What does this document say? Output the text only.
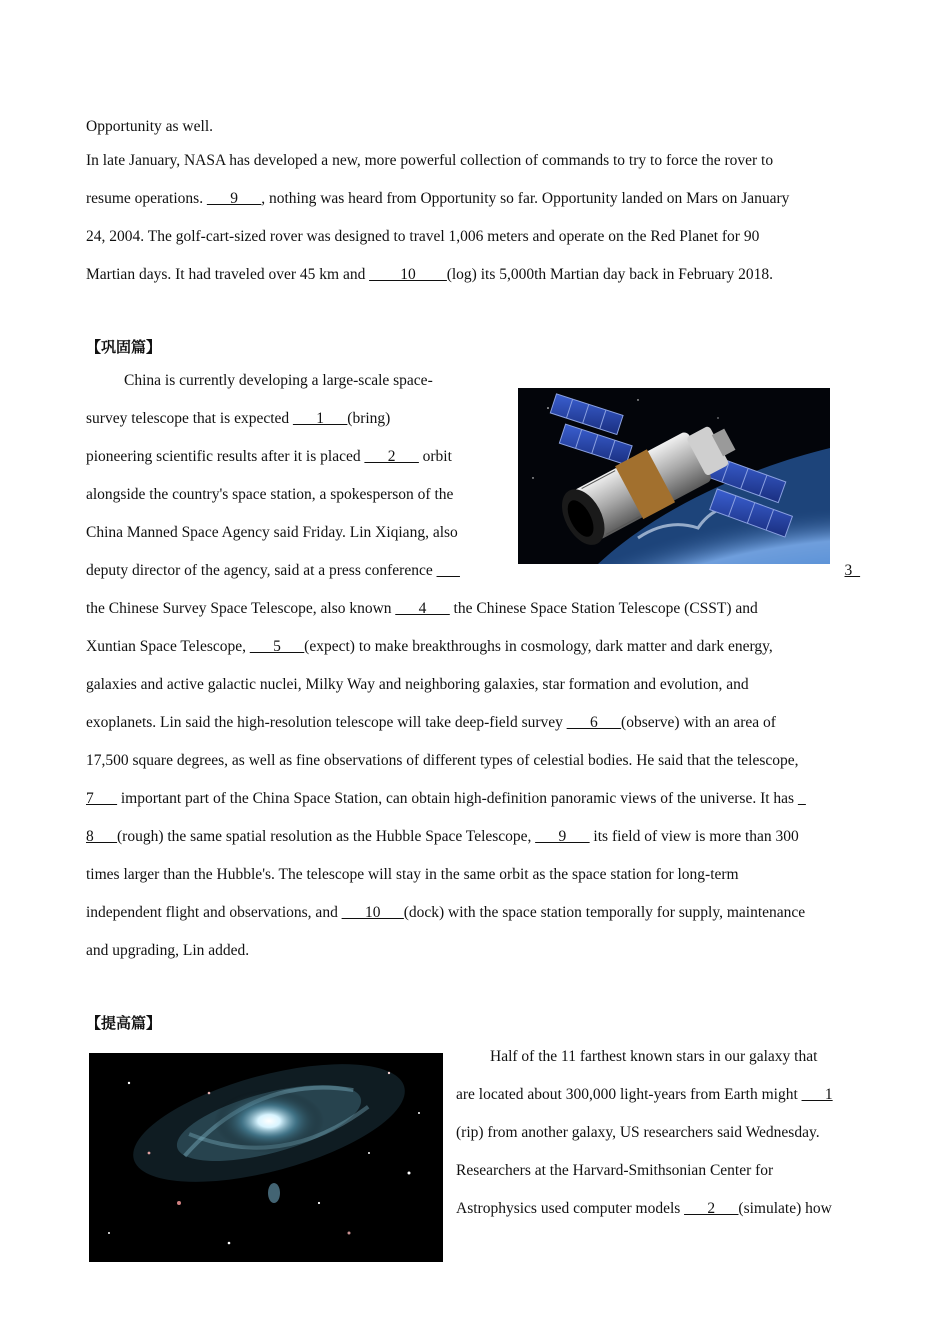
Opportunity as well.
In late January, NASA has developed a new, more powerful collection of commands to try to force the rover to
resume operations. ___9___, nothing was heard from Opportunity so far. Opportunity landed on Mars on January
24, 2004. The golf-cart-sized rover was designed to travel 1,006 meters and operate on the Red Planet for 90
Martian days. It had traveled over 45 km and ____10____(log) its 5,000th Martian day back in February 2018.
【巩固篇】
China is currently developing a large-scale space-
survey telescope that is expected ___1___(bring)
pioneering scientific results after it is placed ___2___ orbit
alongside the country's space station, a spokesperson of the
China Manned Space Agency said Friday. Lin Xiqiang, also
deputy director of the agency, said at a press conference ___	3_
the Chinese Survey Space Telescope, also known ___4___ the Chinese Space Station Telescope (CSST) and
Xuntian Space Telescope, ___5___(expect) to make breakthroughs in cosmology, dark matter and dark energy,
galaxies and active galactic nuclei, Milky Way and neighboring galaxies, star formation and evolution, and
exoplanets. Lin said the high-resolution telescope will take deep-field survey ___6___(observe) with an area of
17,500 square degrees, as well as fine observations of different types of celestial bodies. He said that the telescope,
7___ important part of the China Space Station, can obtain high-definition panoramic views of the universe. It has _
8___(rough) the same spatial resolution as the Hubble Space Telescope, ___9___ its field of view is more than 300
times larger than the Hubble's. The telescope will stay in the same orbit as the space station for long-term
independent flight and observations, and ___10___(dock) with the space station temporally for supply, maintenance
and upgrading, Lin added.
【提高篇】
Half of the 11 farthest known stars in our galaxy that
are located about 300,000 light-years from Earth might ___1
(rip) from another galaxy, US researchers said Wednesday.
Researchers at the Harvard-Smithsonian Center for
Astrophysics used computer models ___2___(simulate) how
